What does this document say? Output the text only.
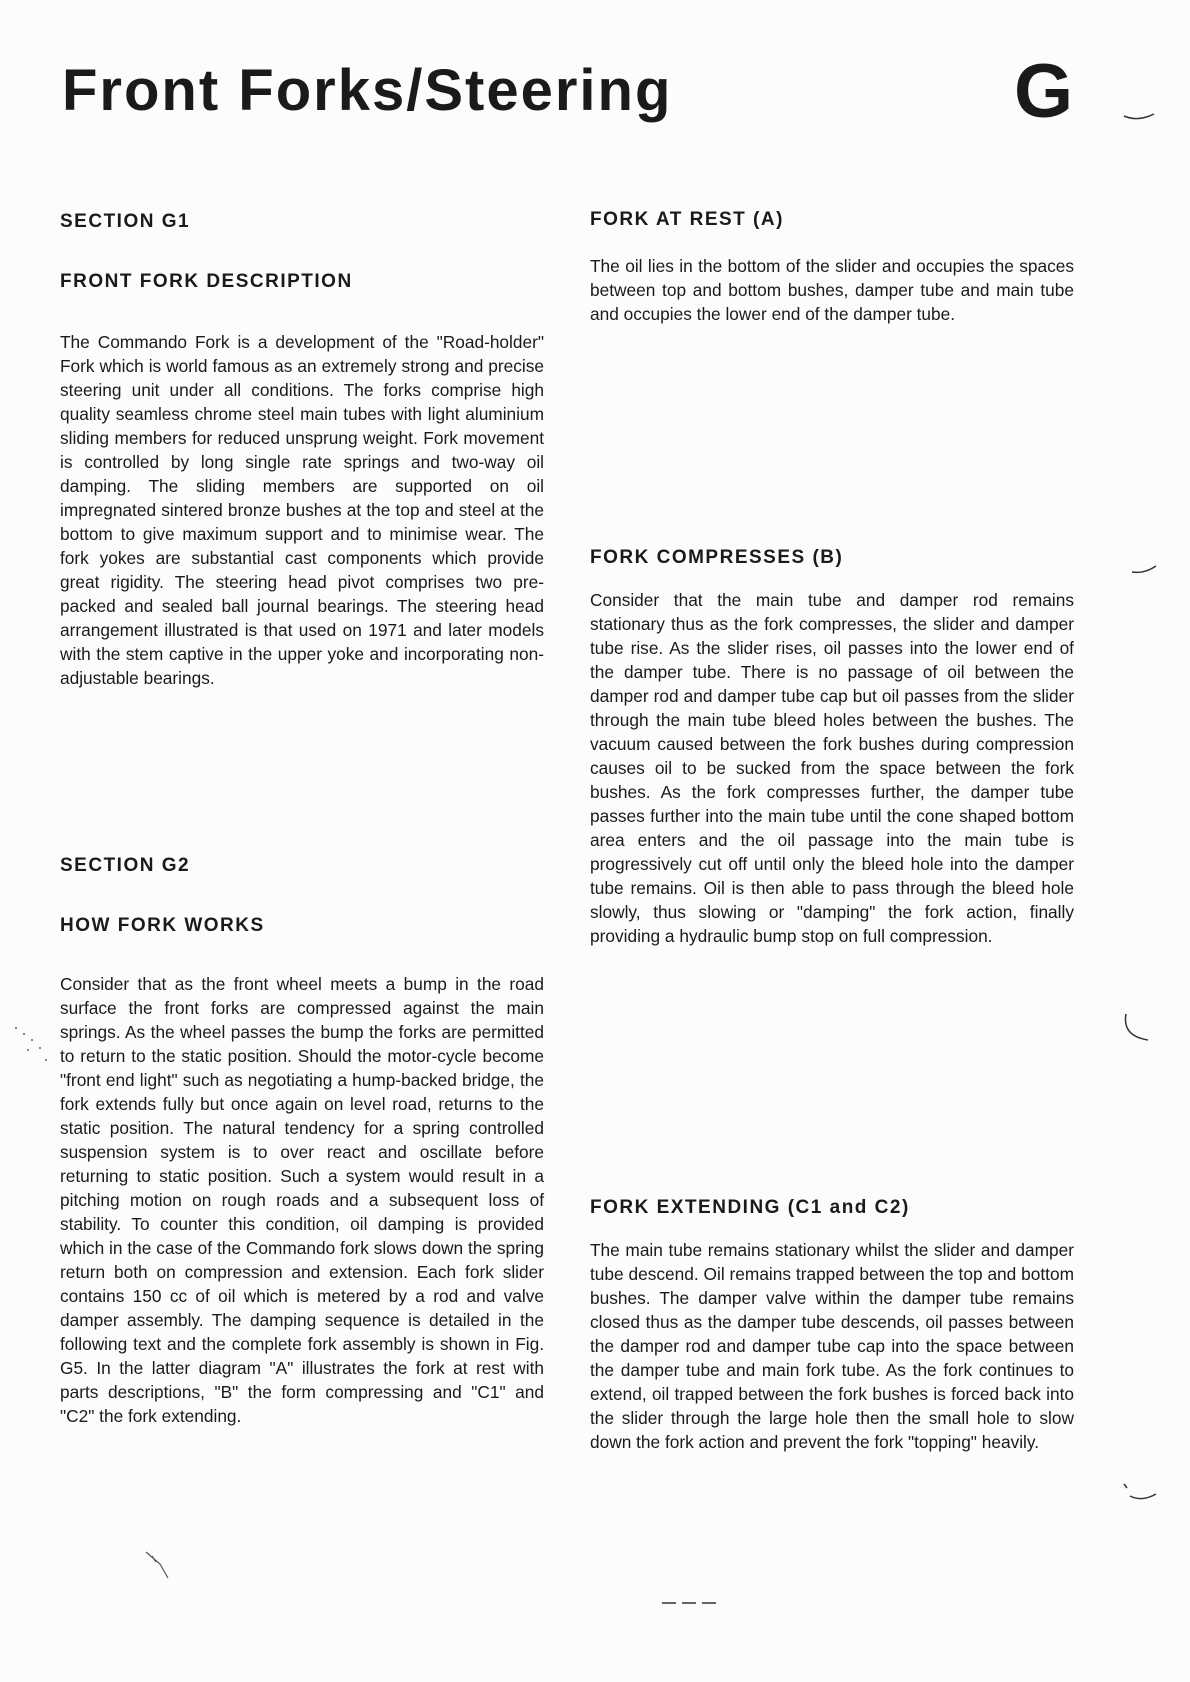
Front Forks/Steering	G
SECTION G1
FRONT FORK DESCRIPTION

The Commando Fork is a development of the "Road-holder" Fork which is world famous as an extremely strong and precise steering unit under all conditions. The forks comprise high quality seamless chrome steel main tubes with light aluminium sliding members for reduced unsprung weight. Fork movement is controlled by long single rate springs and two-way oil damping. The sliding members are supported on oil impregnated sintered bronze bushes at the top and steel at the bottom to give maximum support and to minimise wear. The fork yokes are substantial cast components which provide great rigidity. The steering head pivot comprises two pre-packed and sealed ball journal bearings. The steering head arrangement illustrated is that used on 1971 and later models with the stem captive in the upper yoke and incorporating non-adjustable bearings.

SECTION G2
HOW FORK WORKS

Consider that as the front wheel meets a bump in the road surface the front forks are compressed against the main springs. As the wheel passes the bump the forks are permitted to return to the static position. Should the motor-cycle become "front end light" such as negotiating a hump-backed bridge, the fork extends fully but once again on level road, returns to the static position. The natural tendency for a spring controlled suspension system is to over react and oscillate before returning to static position. Such a system would result in a pitching motion on rough roads and a subsequent loss of stability. To counter this condition, oil damping is provided which in the case of the Commando fork slows down the spring return both on compression and extension. Each fork slider contains 150 cc of oil which is metered by a rod and valve damper assembly. The damping sequence is detailed in the following text and the complete fork assembly is shown in Fig. G5. In the latter diagram "A" illustrates the fork at rest with parts descriptions, "B" the form compressing and "C1" and "C2" the fork extending.

FORK AT REST (A)

The oil lies in the bottom of the slider and occupies the spaces between top and bottom bushes, damper tube and main tube and occupies the lower end of the damper tube.

FORK COMPRESSES (B)

Consider that the main tube and damper rod remains stationary thus as the fork compresses, the slider and damper tube rise. As the slider rises, oil passes into the lower end of the damper tube. There is no passage of oil between the damper rod and damper tube cap but oil passes from the slider through the main tube bleed holes between the bushes. The vacuum caused between the fork bushes during compression causes oil to be sucked from the space between the fork bushes. As the fork compresses further, the damper tube passes further into the main tube until the cone shaped bottom area enters and the oil passage into the main tube is progressively cut off until only the bleed hole into the damper tube remains. Oil is then able to pass through the bleed hole slowly, thus slowing or "damping" the fork action, finally providing a hydraulic bump stop on full compression.

FORK EXTENDING (C1 and C2)

The main tube remains stationary whilst the slider and damper tube descend. Oil remains trapped between the top and bottom bushes. The damper valve within the damper tube remains closed thus as the damper tube descends, oil passes between the damper rod and damper tube cap into the space between the damper tube and main fork tube. As the fork continues to extend, oil trapped between the fork bushes is forced back into the slider through the large hole then the small hole to slow down the fork action and prevent the fork "topping" heavily.
